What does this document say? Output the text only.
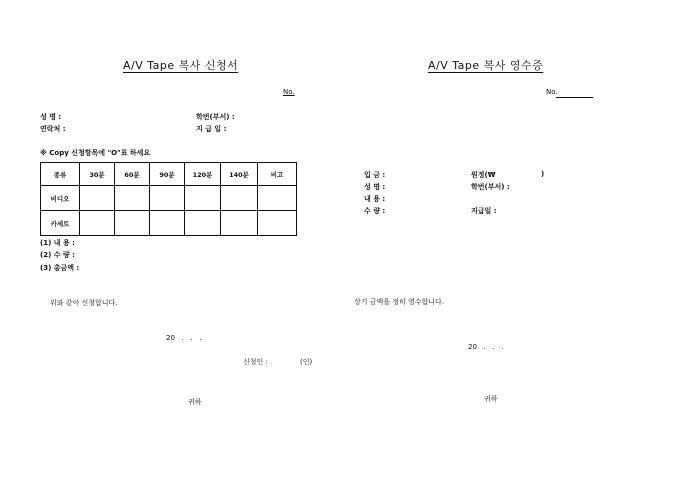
A/V Tape 복사 신청서
No.
성 명 :	학번(부서) :
연락처 :	지 급 일 :
※ Copy 신청항목에 "O"표 하세요
종류	30분	60분	90분	120분	140분	비고
비디오						
카세트						
(1) 내 용 :
(2) 수 량 :
(3) 총금액 :
위와 같이 신청합니다.
20   .   .   .
신청인 :	(인)
귀하
A/V Tape 복사 영수증
No.
입 금 :	원정(₩	)
성 명 :	학번(부서) :
내 용 :
수 량 :	지급일 :
상기 금액을 정히 영수합니다.
20   .   .   .
귀하
